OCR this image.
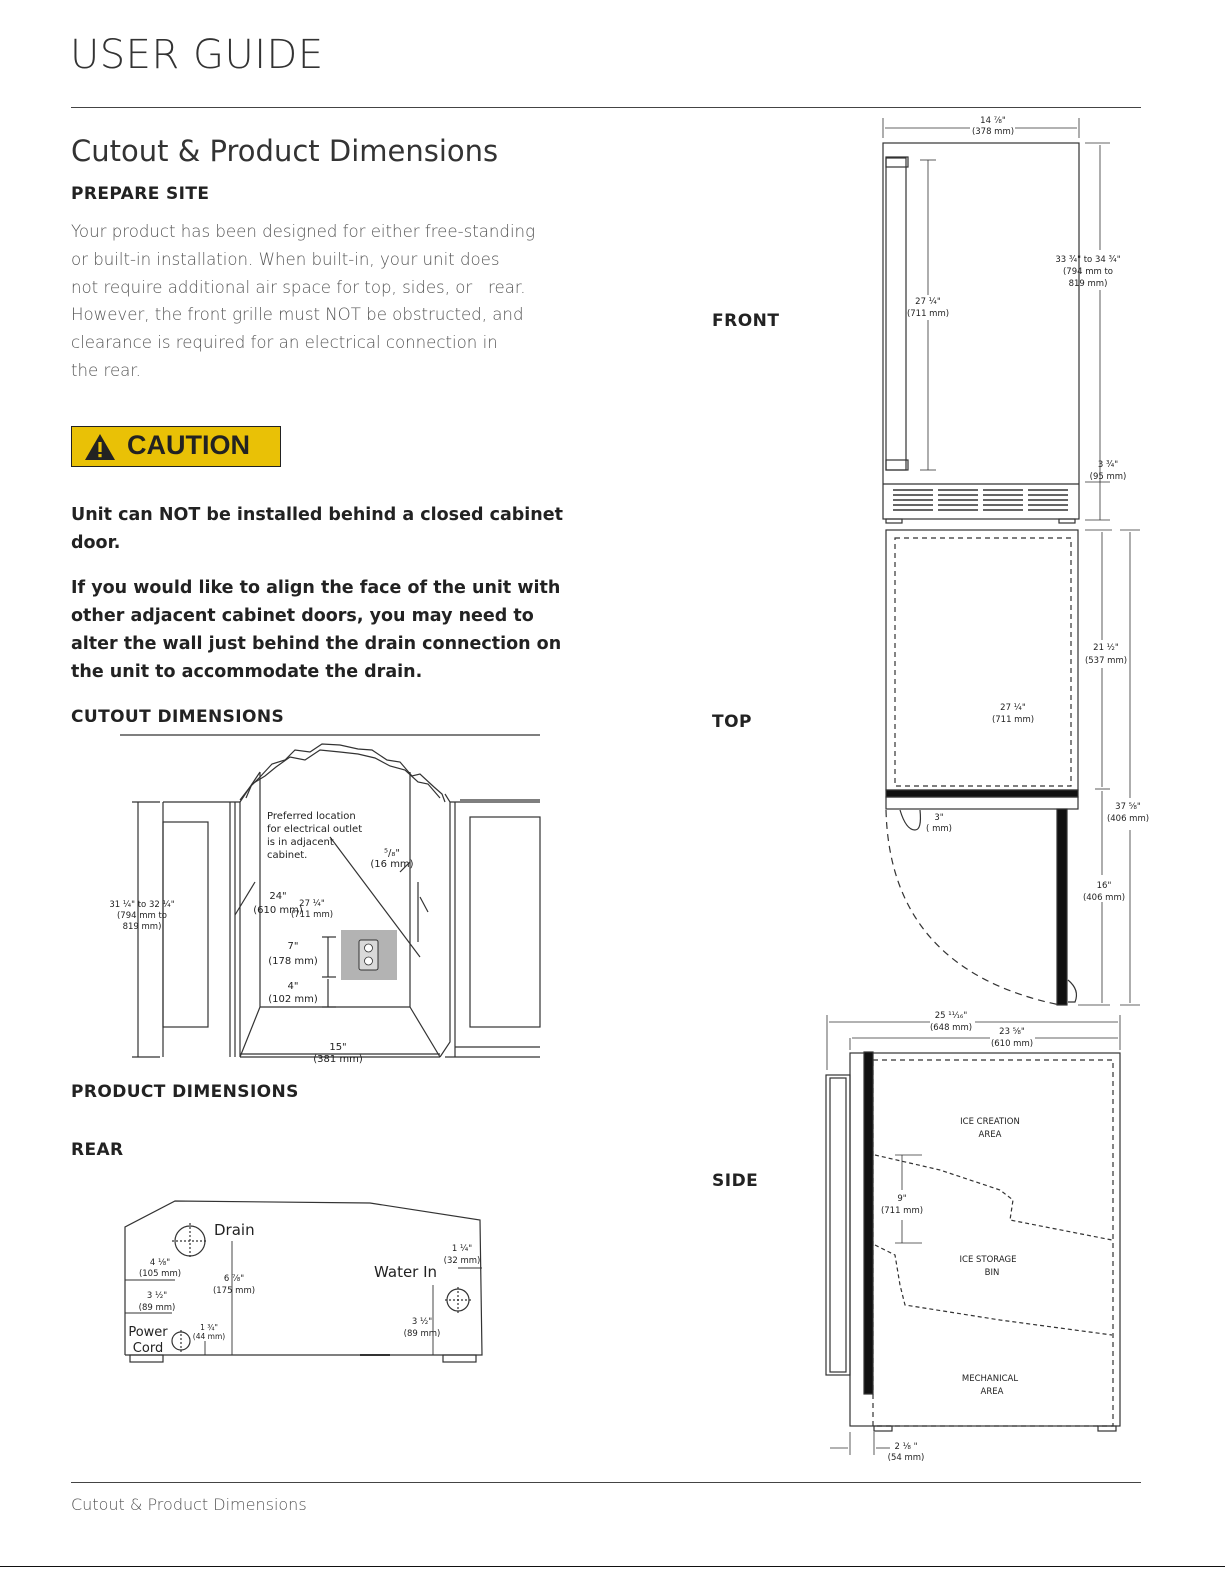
USER GUIDE
Cutout & Product Dimensions
PREPARE SITE

Your product has been designed for either free-standing
or built-in installation. When built-in, your unit does
not require additional air space for top, sides, or   rear.
However, the front grille must NOT be obstructed, and
clearance is required for an electrical connection in
the rear.

CAUTION

Unit can NOT be installed behind a closed cabinet door.

If you would like to align the face of the unit with other adjacent cabinet doors, you may need to alter the wall just behind the drain connection on the unit to accommodate the drain.

CUTOUT DIMENSIONS
Preferred location
for electrical outlet
is in adjacent
cabinet.	⁵/₈"
(16 mm)
24"
(610 mm)
7"
(178 mm)
4"
(102 mm)
15"
(381 mm)
27 ¼"
(711 mm)
31 ¼" to 32 ¼"
(794 mm to
819 mm)
PRODUCT DIMENSIONS
REAR
Drain
Water In
Power
Cord
4 ⅛"
(105 mm)	6 ⅞"
(175 mm)
3 ½"
(89 mm)
1 ¼"
(32 mm)
3 ½"
(89 mm)
1 ¾"
(44 mm)
FRONT
TOP
SIDE
14 ⅞"
(378 mm)
27 ¼"
(711 mm)
33 ¾" to 34 ¾"
(794 mm to
819 mm)
3 ¾"
(95 mm)
27 ¼"
(711 mm)
21 ½"
(537 mm)
37 ⅝"
(406 mm)
3"
( mm)
16"
(406 mm)
25 ¹¹⁄₁₆"
(648 mm)	23 ⅝"
(610 mm)
ICE CREATION
AREA
ICE STORAGE
BIN
MECHANICAL
AREA
9"
(711 mm)
2 ⅛ "
(54 mm)
Cutout & Product Dimensions
